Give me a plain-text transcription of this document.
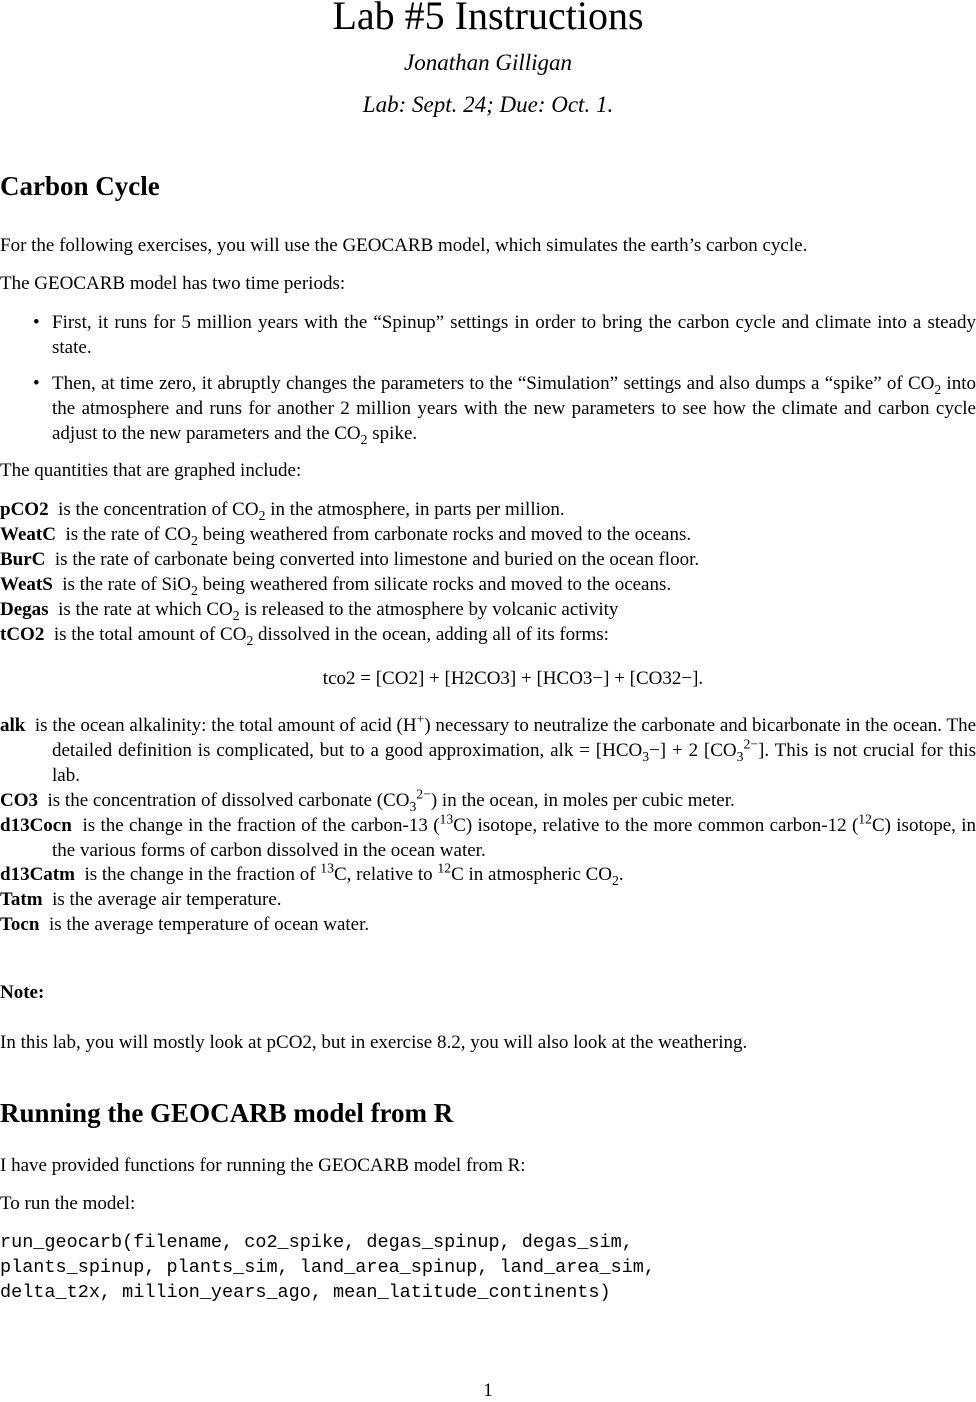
Lab #5 Instructions
Jonathan Gilligan
Lab: Sept. 24; Due: Oct. 1.
Carbon Cycle

For the following exercises, you will use the GEOCARB model, which simulates the earth’s carbon cycle.

The GEOCARB model has two time periods:

• First, it runs for 5 million years with the “Spinup” settings in order to bring the carbon cycle and climate into a steady state.
• Then, at time zero, it abruptly changes the parameters to the “Simulation” settings and also dumps a “spike” of $CO_2$ into the atmosphere and runs for another 2 million years with the new parameters to see how the climate and carbon cycle adjust to the new parameters and the $CO_2$ spike.

The quantities that are graphed include:

pCO2 is the concentration of $CO_2$ in the atmosphere, in parts per million.
WeatC is the rate of $CO_2$ being weathered from carbonate rocks and moved to the oceans.
BurC is the rate of carbonate being converted into limestone and buried on the ocean floor.
WeatS is the rate of SiO$_2$ being weathered from silicate rocks and moved to the oceans.
Degas is the rate at which $CO_2$ is released to the atmosphere by volcanic activity
tCO2 is the total amount of $CO_2$ dissolved in the ocean, adding all of its forms:
tco2 = [CO2] + [H2CO3] + [HCO3−] + [CO32−].
alk is the ocean alkalinity: the total amount of acid (H+) necessary to neutralize the carbonate and bicarbonate in the ocean. The detailed definition is complicated, but to a good approximation, alk = $[HCO_3-] + 2$ $[CO_3^{2-}]$. This is not crucial for this lab.
CO3 is the concentration of dissolved carbonate $(CO_3^{2-})$ in the ocean, in moles per cubic meter.
d13Cocn is the change in the fraction of the carbon-13 ($^{13}$C) isotope, relative to the more common carbon-12 ($^{12}$C) isotope, in the various forms of carbon dissolved in the ocean water.
d13Catm is the change in the fraction of $^{13}$C, relative to $^{12}$C in atmospheric $CO_2$.
Tatm is the average air temperature.
Tocn is the average temperature of ocean water.
Note:

In this lab, you will mostly look at pCO2, but in exercise 8.2, you will also look at the weathering.

Running the GEOCARB model from R

I have provided functions for running the GEOCARB model from R:

To run the model:

run_geocarb(filename, co2_spike, degas_spinup, degas_sim,
plants_spinup, plants_sim, land_area_spinup, land_area_sim,
delta_t2x, million_years_ago, mean_latitude_continents)
1
